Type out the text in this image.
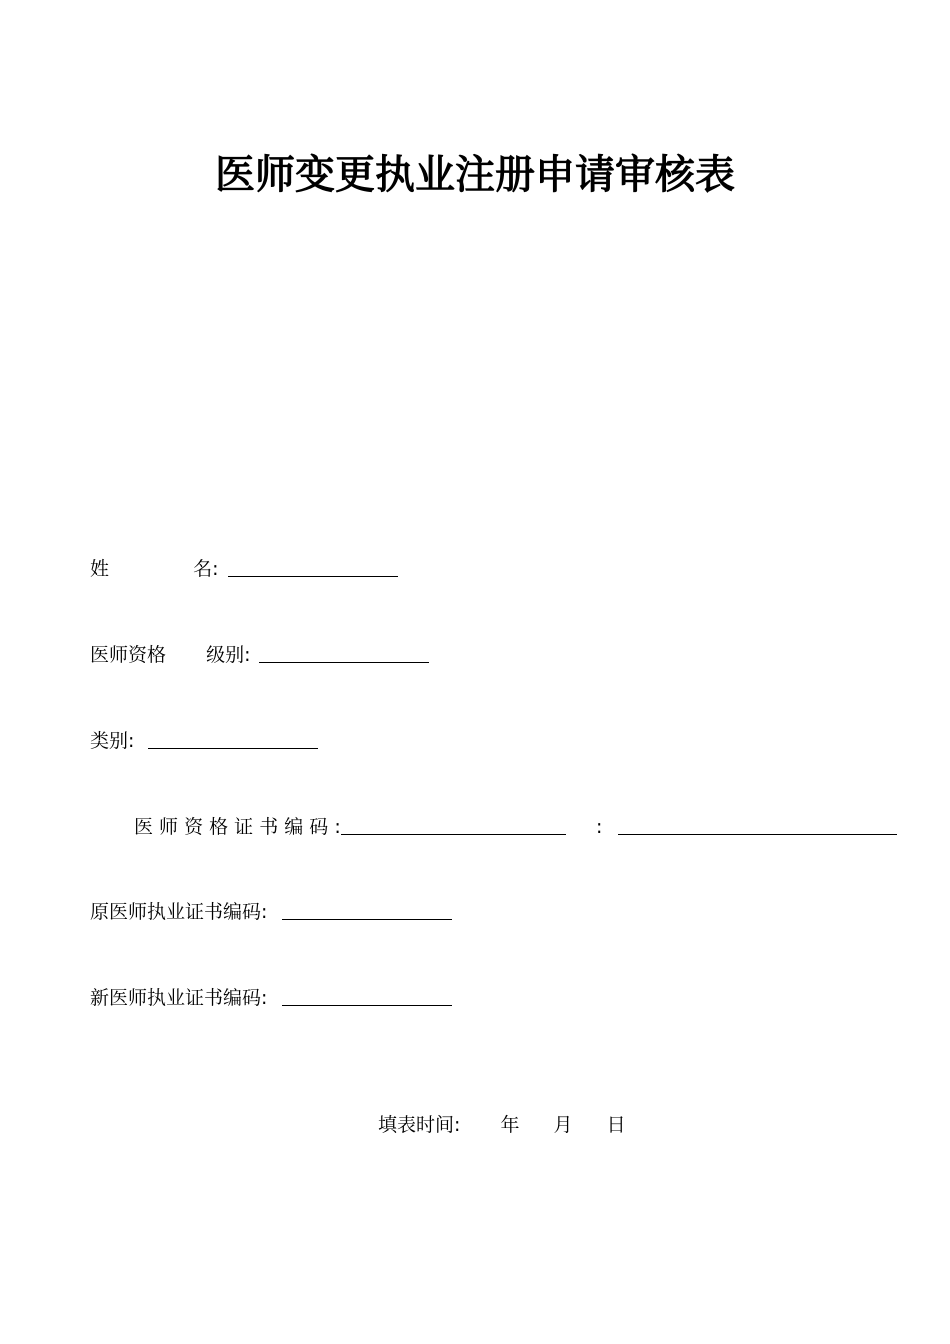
医师变更执业注册申请审核表
姓	名:
医师资格 级别:
类别:
医 师 资 格 证 书 编 码 :	:
原医师执业证书编码:
新医师执业证书编码:
填表时间: 年 月 日
